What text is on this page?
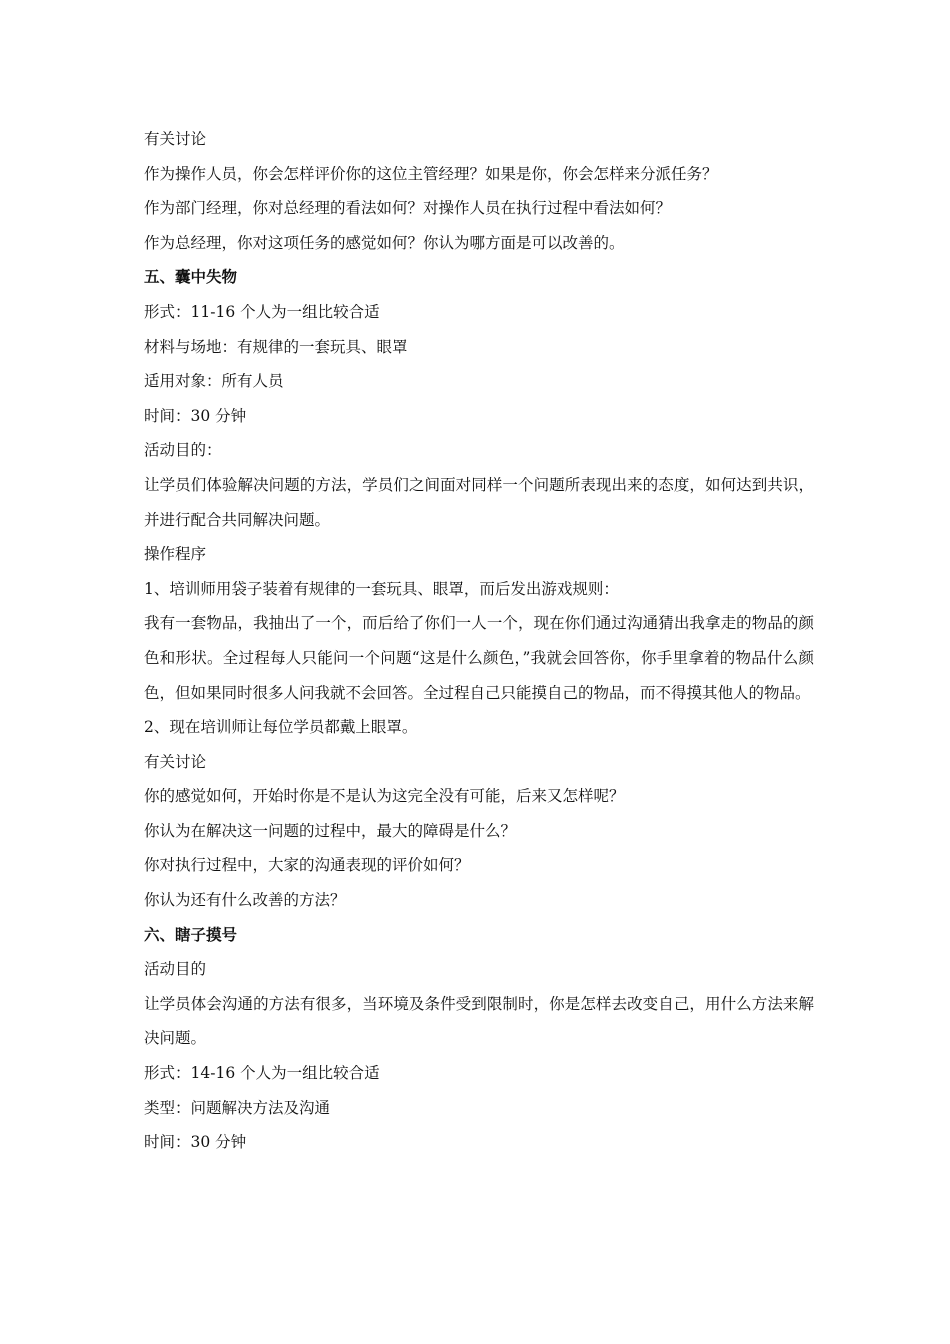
有关讨论
作为操作人员，你会怎样评价你的这位主管经理？如果是你，你会怎样来分派任务？
作为部门经理，你对总经理的看法如何？对操作人员在执行过程中看法如何？
作为总经理，你对这项任务的感觉如何？你认为哪方面是可以改善的。
五、囊中失物
形式：11-16 个人为一组比较合适
材料与场地：有规律的一套玩具、眼罩
适用对象：所有人员
时间：30 分钟
活动目的：
让学员们体验解决问题的方法，学员们之间面对同样一个问题所表现出来的态度，如何达到共识，并进行配合共同解决问题。
操作程序
1、培训师用袋子装着有规律的一套玩具、眼罩，而后发出游戏规则：
我有一套物品，我抽出了一个，而后给了你们一人一个，现在你们通过沟通猜出我拿走的物品的颜色和形状。全过程每人只能问一个问题“这是什么颜色，”我就会回答你，你手里拿着的物品什么颜色，但如果同时很多人问我就不会回答。全过程自己只能摸自己的物品，而不得摸其他人的物品。
2、现在培训师让每位学员都戴上眼罩。
有关讨论
你的感觉如何，开始时你是不是认为这完全没有可能，后来又怎样呢？
你认为在解决这一问题的过程中，最大的障碍是什么？
你对执行过程中，大家的沟通表现的评价如何？
你认为还有什么改善的方法？
六、瞎子摸号
活动目的
让学员体会沟通的方法有很多，当环境及条件受到限制时，你是怎样去改变自己，用什么方法来解决问题。
形式：14-16 个人为一组比较合适
类型：问题解决方法及沟通
时间：30 分钟
